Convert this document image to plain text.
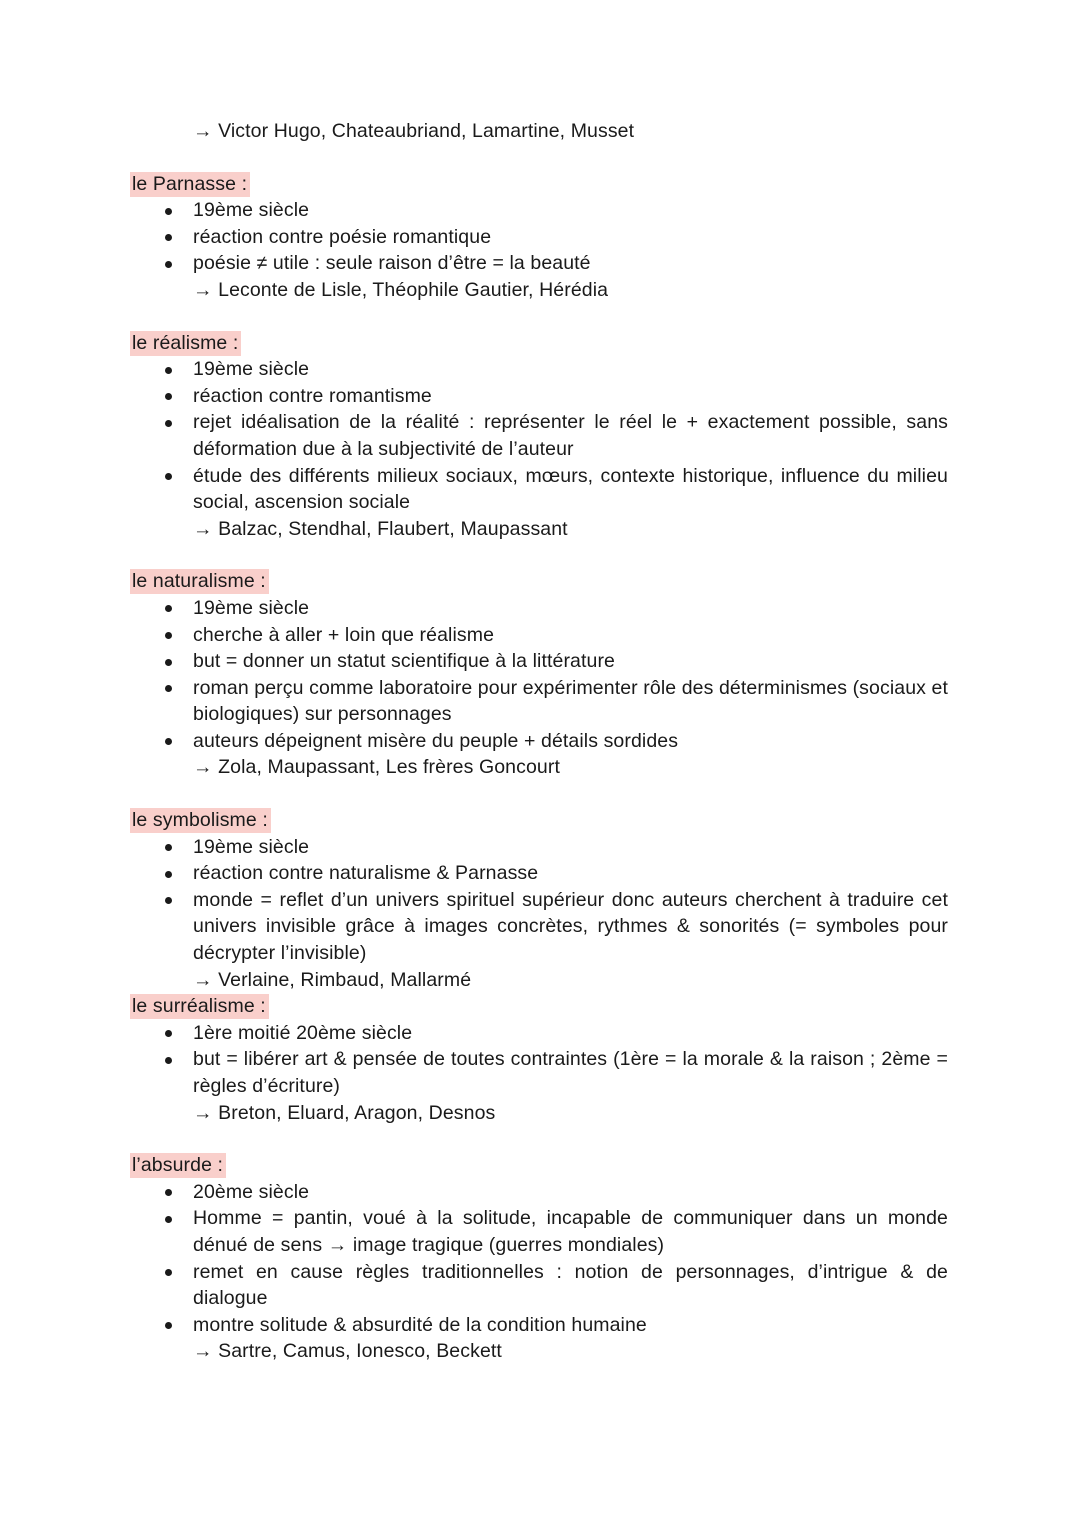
→ Victor Hugo, Chateaubriand, Lamartine, Musset
le Parnasse :
19ème siècle
réaction contre poésie romantique
poésie ≠ utile : seule raison d’être = la beauté
→ Leconte de Lisle, Théophile Gautier, Hérédia
le réalisme :
19ème siècle
réaction contre romantisme
rejet idéalisation de la réalité : représenter le réel le + exactement possible, sans déformation due à la subjectivité de l’auteur
étude des différents milieux sociaux, mœurs, contexte historique, influence du milieu social, ascension sociale
→ Balzac, Stendhal, Flaubert, Maupassant
le naturalisme :
19ème siècle
cherche à aller + loin que réalisme
but = donner un statut scientifique à la littérature
roman perçu comme laboratoire pour expérimenter rôle des déterminismes (sociaux et biologiques) sur personnages
auteurs dépeignent misère du peuple + détails sordides
→ Zola, Maupassant, Les frères Goncourt
le symbolisme :
19ème siècle
réaction contre naturalisme & Parnasse
monde = reflet d’un univers spirituel supérieur donc auteurs cherchent à traduire cet univers invisible grâce à images concrètes, rythmes & sonorités (= symboles pour décrypter l’invisible)
→ Verlaine, Rimbaud, Mallarmé
le surréalisme :
1ère moitié 20ème siècle
but = libérer art & pensée de toutes contraintes (1ère = la morale & la raison ; 2ème = règles d’écriture)
→ Breton, Eluard, Aragon, Desnos
l’absurde :
20ème siècle
Homme = pantin, voué à la solitude, incapable de communiquer dans un monde dénué de sens → image tragique (guerres mondiales)
remet en cause règles traditionnelles : notion de personnages, d’intrigue & de dialogue
montre solitude & absurdité de la condition humaine
→ Sartre, Camus, Ionesco, Beckett
